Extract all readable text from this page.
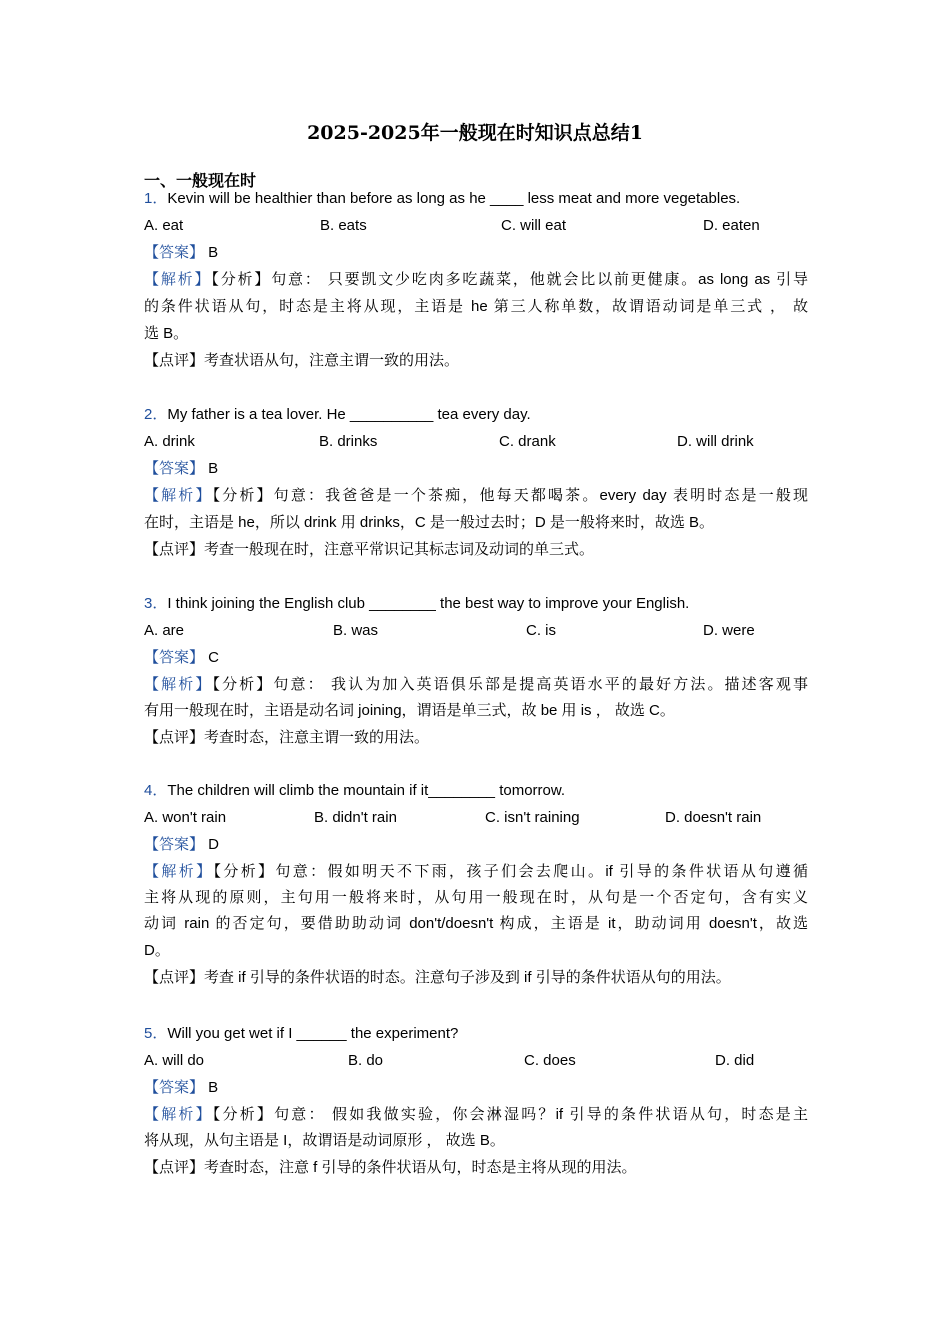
2025-2025年一般现在时知识点总结1
一、一般现在时
1．Kevin will be healthier than before as long as he ____ less meat and more vegetables.
A. eat	B. eats	C. will eat	D. eaten
【答案】 B
【解析】【分析】句意： 只要凯文少吃肉多吃蔬菜，他就会比以前更健康。as long as 引导
的条件状语从句，时态是主将从现，主语是 he 第三人称单数，故谓语动词是单三式 ， 故
选 B。
【点评】考查状语从句，注意主谓一致的用法。
2．My father is a tea lover. He __________ tea every day.
A. drink	B. drinks	C. drank	D. will drink
【答案】 B
【解析】【分析】句意：我爸爸是一个茶痴，他每天都喝茶。every day 表明时态是一般现
在时，主语是 he，所以 drink 用 drinks，C 是一般过去时；D 是一般将来时，故选 B。
【点评】考查一般现在时，注意平常识记其标志词及动词的单三式。
3．I think joining the English club ________ the best way to improve your English.
A. are	B. was	C. is	D. were
【答案】 C
【解析】【分析】句意： 我认为加入英语俱乐部是提高英语水平的最好方法。描述客观事
有用一般现在时，主语是动名词 joining，谓语是单三式，故 be 用 is ， 故选 C。
【点评】考查时态，注意主谓一致的用法。
4．The children will climb the mountain if it________ tomorrow.
A. won't rain	B. didn't rain	C. isn't raining	D. doesn't rain
【答案】 D
【解析】【分析】句意：假如明天不下雨，孩子们会去爬山。if 引导的条件状语从句遵循
主将从现的原则，主句用一般将来时，从句用一般现在时，从句是一个否定句，含有实义
动词 rain 的否定句，要借助助动词 don't/doesn't 构成，主语是 it，助动词用 doesn't，故选
D。
【点评】考查 if 引导的条件状语的时态。注意句子涉及到 if 引导的条件状语从句的用法。
5．Will you get wet if I ______ the experiment?
A. will do	B. do	C. does	D. did
【答案】 B
【解析】【分析】句意： 假如我做实验，你会淋湿吗？if 引导的条件状语从句，时态是主
将从现，从句主语是 I，故谓语是动词原形 ， 故选 B。
【点评】考查时态，注意 f 引导的条件状语从句，时态是主将从现的用法。
